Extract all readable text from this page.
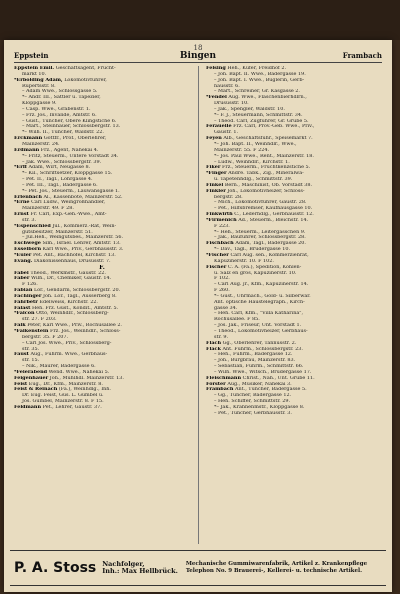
18
Eppstein	Bingen	Frambach
Eppstein Emil. Geschäftsagent, Frucht-
markt 10.
*Erbolding Adam, Lokomotivführer,
Rupertsstr. 8.
– Adam Wwe., Schlossgasse 5.
*– Andr. III., Sattler u. Tapezier,
Kloppgasse 9.
– Casp. Wwe., Grabenstr. 1.
– Frz. Jos., Invalide, Amtstr. 6.
– Gust., Tüncher, Obere Klingstiche 6.
– Mart., Steinhauer, Schlossbergstr. 13.
*– Wilh. II., Tüncher, Waldstr. 22.
Erckmann Gottfr., Prof., Oberlehrer,
Mainzerstr. 24.
Erdmann Frz., Agent, Nahekai 4.
*– Fritz, Steuerm., Untere Vorstadt 34.
– Jak. Wwe., Schlossbergstr. 39.
*Erff Adam, Wirt, Neugasse 8.
*– Kil., Schriftsetzer, Kloppgasse 15.
– Pet. II., Tagl., Löhrgasse 4.
– Pet. III., Tagl., Badergasse 6.
*– Pet. Jos., Steuerm., Lauwansgasse 1.
Erlenbach Al., Kassenbote, Mainzerstr. 52.
*Erne Carl Ludw., Weingroßhändler,
Mainzerstr. 49. F 28.
Ernst Fr. Carl, Exp.-Geh.-Wwe., Amt-
str. 3.
*Espenschied Jul., Kommerz.-Rat, Wein-
gutsbesitzer, Mainzerstr. 51.
– Jul.Heh., Weingutsbes., Mainzerstr. 56.
Eschwege Sim., Israel. Lehrer, Amtstr. 13.
Esselborn Karl Wwe., Priv., Gerbhausstr. 3.
*Euler Pet. Ant., Bachhöfel, Kirchstr. 13.
Evang. Diakonissenhaus, Drususstr. 7.
F.
Fabel Theod., Werkmstr., Gaustr. 22.
Faber Wilh., Dr., Chemiker, Gaustr. 14.
F 126.
Fabian Lor., Gendarm, Schlossbergstr. 20.
Fachinger Joh. Lor., Tagl., Ausserberg 8.
Fährbetr Edelweiss, Kirchstr. 22.
Falast Heh. Frz. Gust., Kondit., Amtstr. 5.
*Falcon Otto, Weinhdlr., Schlossberg-
str. 27. F 203.
Falk Peter, Karl Wwe., Priv., Rochusallee 2.
*Falkenstein Frz. Jos., Weinhdlr., Schloss-
bergstr. 35. F 207.
– Carl Jos. Wwe., Priv., Schlossberg-
str. 35.
Faust Aug., Fuhrm. Wwe., Gerbhaus-
str. 15.
– Nik., Maurer, Badergasse 6.
*Feierabend Wend. Wwe., Nahekai 5.
Feigenhauer Joh., Mühlhdl. Mainzerstr. 13.
Feist Eug., Dr., Kfm., Mainzerstr. 8.
Feist & Reinach (Fa.), Weinhdlg., Inh.
Dr. Eug. Feist, Gus. L. Gumbel u.
Jos. Gumbel, Mainzerstr. 8. F 15.
Feldmann Pet., Lehrer, Gaustr. 37.
Felsing Heh., Küfer, Freidhof 2.
– Joh. Bapt. II. Wwe., Badergasse 19.
– Joh. Bapt. I. Wwe., Büglerin, Gerb-
hausstr. 6.
– Mart., Schreiner, Gr. Käsgasse 2.
*Fendel Aug. Wwe., Flaschenbierhdlrn.,
Drususstr. 10.
– Jak., Spengler, Waldstr. 10.
*– F. J., Steuermann, Schmittstr. 34.
– Theod. Carl, Zugführer, Gr. Grube 5.
Ferauelle Frz. Carl, Prov.-Geb. Wwe., Priv.,
Gaustr. 1.
Feyen Alb., Geschäftsführ., Speisemarkt 7.
*– Joh. Bapt. II., Weinhdlr., Wwe.,
Mainzerstr. 55. F 224.
*– Jos. Paul Wwe., Rent., Mainzerstr. 18.
– Ludw., Weinhdlr., Kirchstr. 1.
Fiker Frz., Steuerm., Fruchtkenzstiche 5.
*Finger Andre. Tabk., Zig., Mineralwa-
u. Tapetenhdlg., Schmittstr. 39.
Finkel Bern., Maschinist, Ob. Vorstadt 38.
Finkler Joh., Lokomotivheizer, Schloss-
bergstr. 28.
– Mich., Lokomotivführer, Gaustr. 28.
– Pet., Hilfsbremser, Kaufhausgasse 10.
Finkwirth C., Lederhdlg., Gerbhausstr. 12.
*Firmenich Ad., Steuerm., Bleichstr. 14.
F 223.
*– Heh., Steuerm., Leitergässchen 9.
– Jak., Bauführer, Schlossbergstr. 28.
Fischbach Adam, Tagl., Badergasse 20.
*– Dav., Tagl., Brudergasse 10.
*Fischer Carl Aug. sen., Kommerzienrat,
Kapuzinerstr. 10. F 102.
Fischer C. A. (Fa.), Spedition, Kohlen-
u. Salz en gros, Kapuzinerstr. 10.
F 102.
– Carl Aug. jr., Kfm., Kapuzinerstr. 14.
F 260.
*– Gust., Uhrmach., Gold- u. Silberwar.
Ant. optische Haustelegraph., Kirch-
gasse 34.
– Heh. Carl, Kfm., "Villa Katharina",
Rochusallee. F 85.
– Jos. Jak., Friseur, Unt. Vorstadt 1.
– Theod., Lokomotivheizer, Gerbhaus-
str. 9.
Flach Gg., Oberlehrer, Tannusstr. 2.
Flack Ant. Fuhrm., Schlossbergstr. 23.
– Heh., Fuhrm., Badergasse 12.
– Joh., Bürgbrau, Mainzerstr. 83.
– Sebastian, Fuhrm., Schmittstr. 66.
– Wilh. Wwe., Witsch., Brudergasse 17.
Fleischmann Christ., Nah., Unt. Grube 11.
Förster Aug., Musiker, Nahekai 3.
Frambach Ant., Tüncher, Badergasse 5.
– Gg., Tüncher, Badergasse 12.
– Heh. Schiffer, Schmittstr. 29.
*– Jak., Krahnenmstr., Kloppgasse 8.
– Pet., Tüncher, Gerbhausstr. 3.
P. A. Stoss Nachfolger,
Inh.: Max Hellbrück.
Mechanische Gummiwarenfabrik, Artikel z. Krankenpflege
Telephon No. 9 Brauerei-, Kellerei- u. technische Artikel.
